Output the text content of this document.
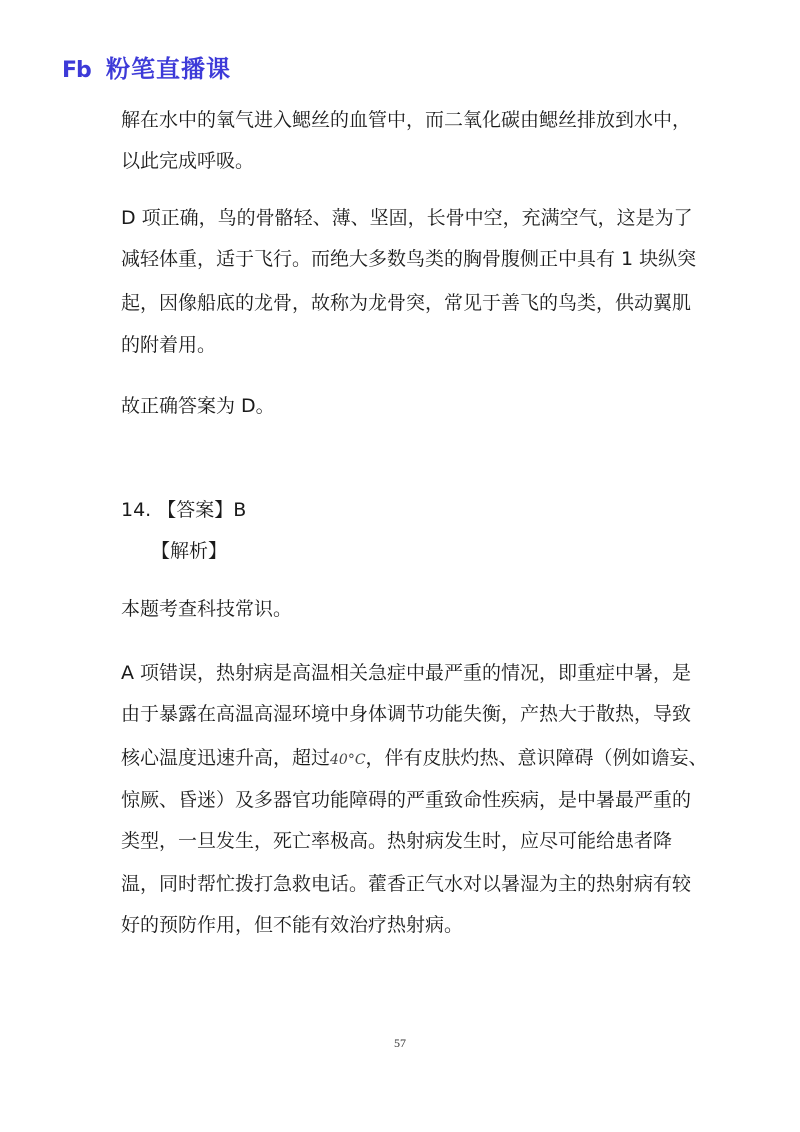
Fb 粉笔直播课
解在水中的氧气进入鳃丝的血管中，而二氧化碳由鳃丝排放到水中，
以此完成呼吸。
D 项正确，鸟的骨骼轻、薄、坚固，长骨中空，充满空气，这是为了
减轻体重，适于飞行。而绝大多数鸟类的胸骨腹侧正中具有 1 块纵突
起，因像船底的龙骨，故称为龙骨突，常见于善飞的鸟类，供动翼肌
的附着用。
故正确答案为 D。
14. 【答案】B
【解析】
本题考查科技常识。
A 项错误，热射病是高温相关急症中最严重的情况，即重症中暑，是
由于暴露在高温高湿环境中身体调节功能失衡，产热大于散热，导致
核心温度迅速升高，超过40°C，伴有皮肤灼热、意识障碍（例如谵妄、
惊厥、昏迷）及多器官功能障碍的严重致命性疾病，是中暑最严重的
类型，一旦发生，死亡率极高。热射病发生时，应尽可能给患者降
温，同时帮忙拨打急救电话。藿香正气水对以暑湿为主的热射病有较
好的预防作用，但不能有效治疗热射病。
57
